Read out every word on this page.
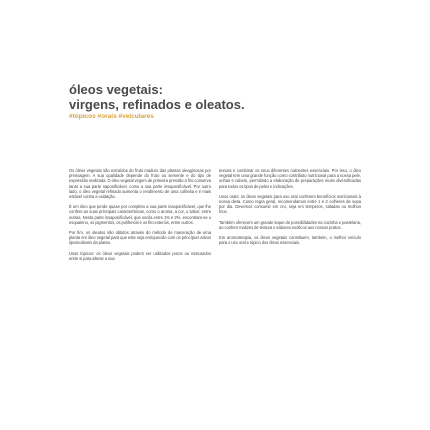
óleos vegetais:
virgens, refinados e oleatos.
#tópicos #orais #veiculares

Os óleos vegetais são extraídos do fruto maduro das plantas oleaginosas por prensagem. A sua qualidade depende do fruto ou semente e do tipo de expressão realizada. O óleo vegetal virgem de primeira pressão a frio conserva tanto a sua parte saponificável, como a sua parte insaponificável. Por outro lado, o óleo vegetal refinado aumenta o rendimento de uma colheita e é mais estável contra a oxidação.

É um óleo que perde quase por completo a sua parte insaponificável, que lhe confere as suas principais características, como o aroma, a cor, o sabor, entre outras. Nesta parte insaponificável, que oscila entre 1% e 2%, encontram-se o esqualeno, os pigmentos, os polifenóis e os fito esteróis, entre outros.

Por fim, os oleatos são obtidos através do método de maceração de uma planta em óleo vegetal para que este seja enriquecido com os princípios ativos lipossolúveis da planta.

Usos tópicos: os óleos vegetais podem ser utilizados puros ou misturados entre si para alterar a sua

textura e combinar os seus diferentes nutrientes essenciais. Por isso, o óleo vegetal tem uma grande função como contributo nutricional para a nossa pele, unhas e cabelo, permitindo a elaboração de preparações muito diversificadas para todos os tipos de peles e indicações.

Usos orais: os óleos vegetais para uso oral conferem benefícios nutricionais à nossa dieta. Como regra geral, recomendamos entre 1 e 2 colheres de sopa por dia. Devemos consumir em cru, seja em temperos, saladas ou molhos frios.

Também oferecem um grande leque de possibilidades na cozinha e pastelaria, ao conferir matizes de textura e sabores exóticos aos nossos pratos.

Em aromaterapia, os óleos vegetais constituem, também, o melhor veículo para o uso oral e tópico dos óleos essenciais.
